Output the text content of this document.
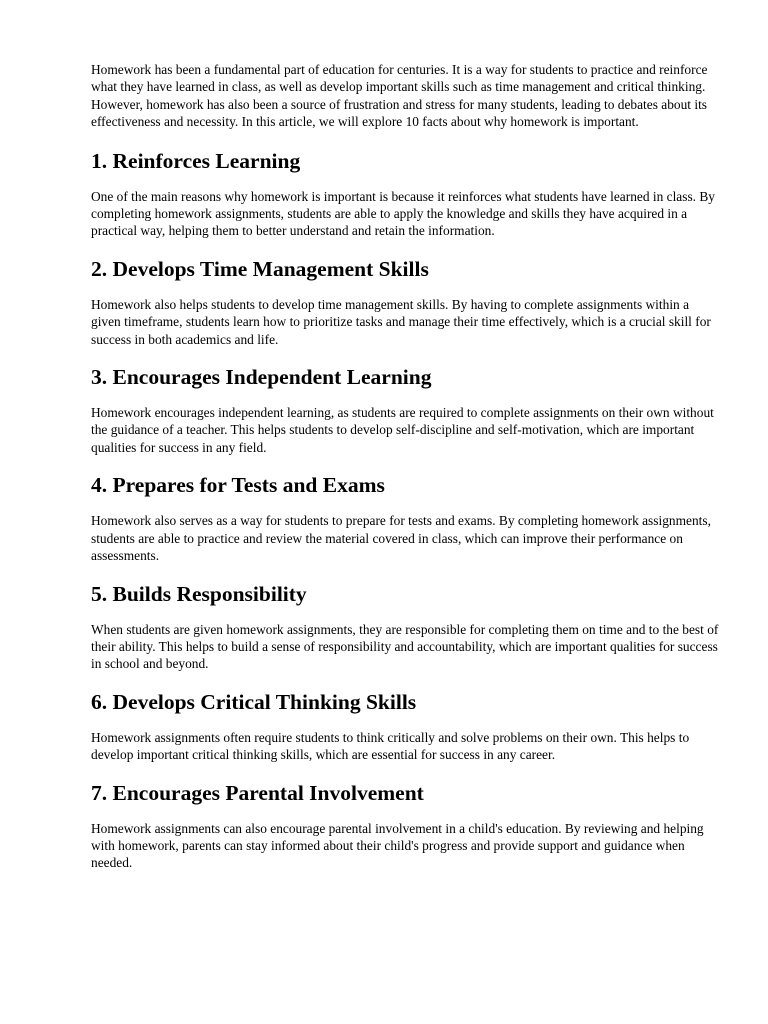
Homework has been a fundamental part of education for centuries. It is a way for students to practice and reinforce what they have learned in class, as well as develop important skills such as time management and critical thinking. However, homework has also been a source of frustration and stress for many students, leading to debates about its effectiveness and necessity. In this article, we will explore 10 facts about why homework is important.

1. Reinforces Learning

One of the main reasons why homework is important is because it reinforces what students have learned in class. By completing homework assignments, students are able to apply the knowledge and skills they have acquired in a practical way, helping them to better understand and retain the information.

2. Develops Time Management Skills

Homework also helps students to develop time management skills. By having to complete assignments within a given timeframe, students learn how to prioritize tasks and manage their time effectively, which is a crucial skill for success in both academics and life.

3. Encourages Independent Learning

Homework encourages independent learning, as students are required to complete assignments on their own without the guidance of a teacher. This helps students to develop self-discipline and self-motivation, which are important qualities for success in any field.

4. Prepares for Tests and Exams

Homework also serves as a way for students to prepare for tests and exams. By completing homework assignments, students are able to practice and review the material covered in class, which can improve their performance on assessments.

5. Builds Responsibility

When students are given homework assignments, they are responsible for completing them on time and to the best of their ability. This helps to build a sense of responsibility and accountability, which are important qualities for success in school and beyond.

6. Develops Critical Thinking Skills

Homework assignments often require students to think critically and solve problems on their own. This helps to develop important critical thinking skills, which are essential for success in any career.

7. Encourages Parental Involvement

Homework assignments can also encourage parental involvement in a child's education. By reviewing and helping with homework, parents can stay informed about their child's progress and provide support and guidance when needed.
